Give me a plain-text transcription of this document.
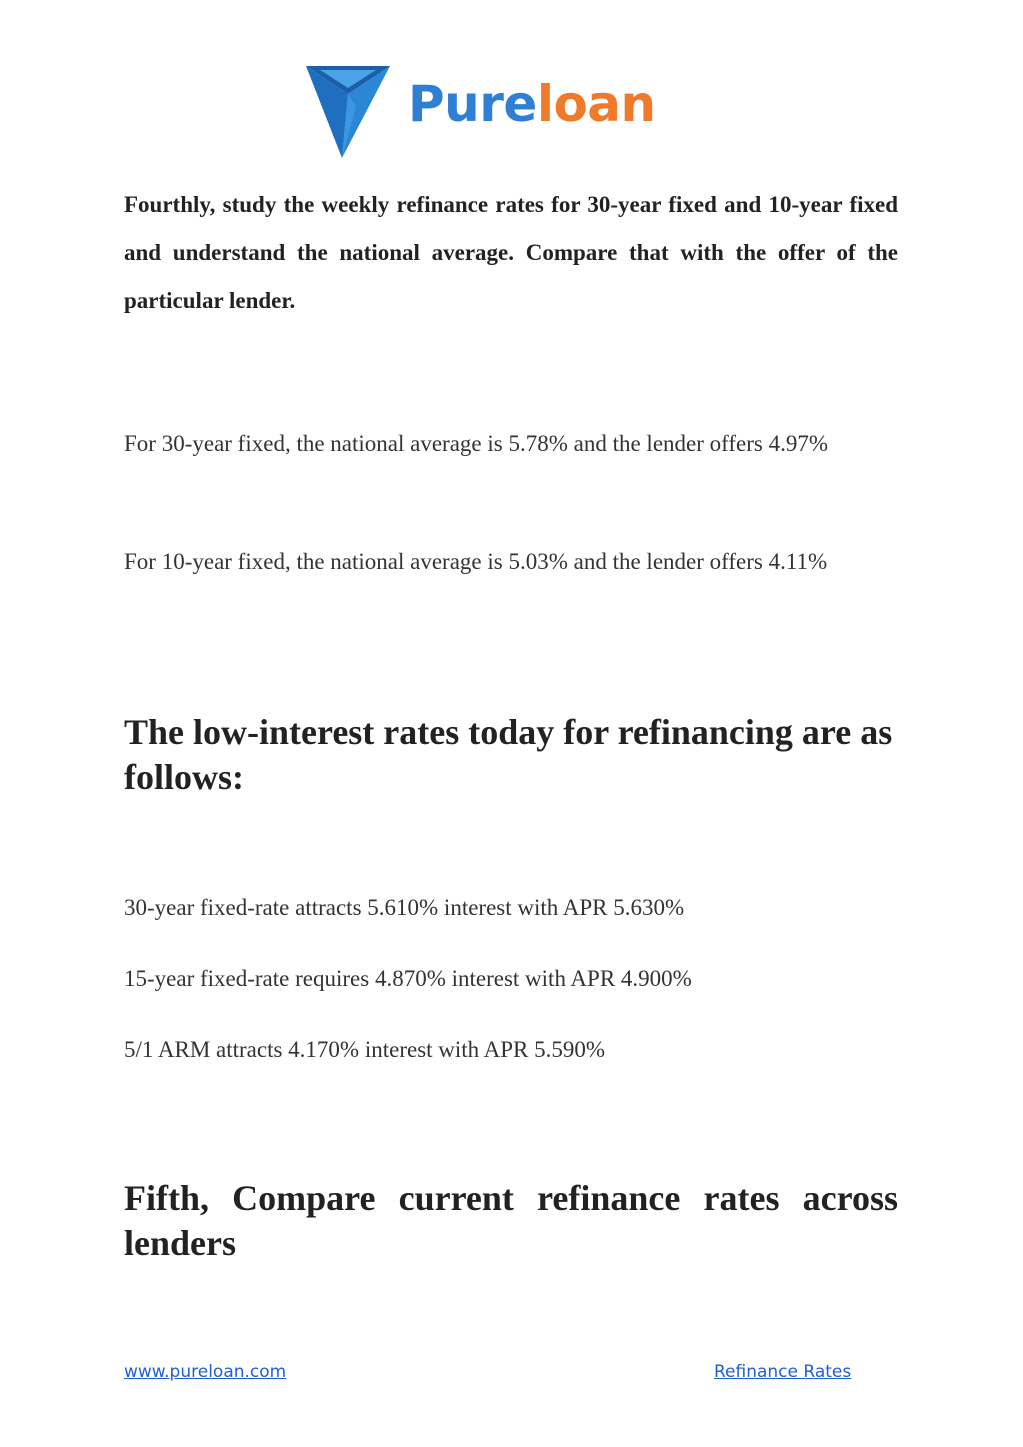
Pureloan

Fourthly, study the weekly refinance rates for 30-year fixed and 10-year fixed and understand the national average. Compare that with the offer of the particular lender.

For 30-year fixed, the national average is 5.78% and the lender offers 4.97%

For 10-year fixed, the national average is 5.03% and the lender offers 4.11%

The low-interest rates today for refinancing are as follows:

30-year fixed-rate attracts 5.610% interest with APR 5.630%

15-year fixed-rate requires 4.870% interest with APR 4.900%

5/1 ARM attracts 4.170% interest with APR 5.590%

Fifth, Compare current refinance rates across lenders
www.pureloan.com	Refinance Rates
